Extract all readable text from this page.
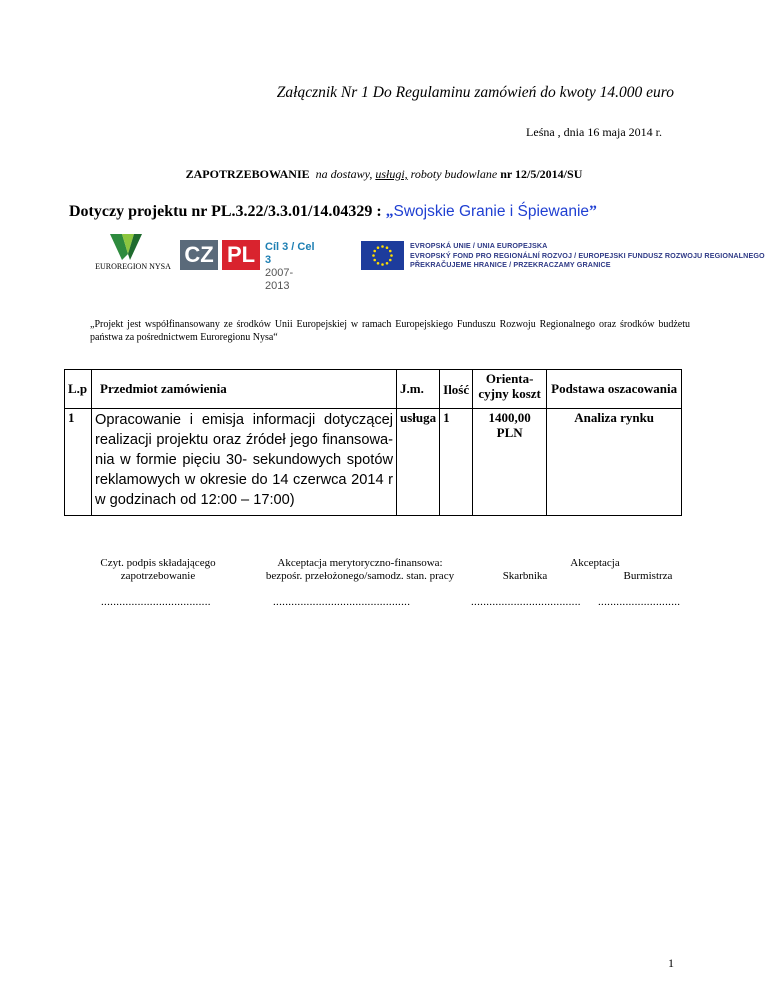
Załącznik Nr 1 Do Regulaminu zamówień do kwoty 14.000 euro
Leśna , dnia 16 maja 2014 r.
ZAPOTRZEBOWANIE na dostawy, usługi, roboty budowlane nr 12/5/2014/SU
Dotyczy projektu nr PL.3.22/3.3.01/14.04329 : „Swojskie Granie i Śpiewanie”
EUROREGION NYSA CZ PL Cíl 3 / Cel 3
2007-2013
EVROPSKÁ UNIE / UNIA EUROPEJSKA
EVROPSKÝ FOND PRO REGIONÁLNÍ ROZVOJ / EUROPEJSKI FUNDUSZ ROZWOJU REGIONALNEGO
PŘEKRAČUJEME HRANICE / PRZEKRACZAMY GRANICE
„Projekt jest współfinansowany ze środków Unii Europejskiej w ramach Europejskiego Funduszu Rozwoju Regionalnego oraz środków budżetu państwa za pośrednictwem Euroregionu Nysa“
L.p	Przedmiot zamówienia	J.m.	Ilość	Orienta-cyjny koszt	Podstawa oszacowania
1	Opracowanie i emisja informacji dotyczącej realizacji projektu oraz źródeł jego finansowa-nia w formie pięciu 30- sekundowych spotów reklamowych w okresie do 14 czerwca 2014 r w godzinach od 12:00 – 17:00)	usługa	1	1400,00 PLN	Analiza rynku
Czyt. podpis składającego
zapotrzebowanie
Akceptacja merytoryczno-finansowa:
bezpośr. przełożonego/samodz. stan. pracy
Akceptacja
Skarbnika	Burmistrza
....................................	.............................................	.................................... ...........................
1
